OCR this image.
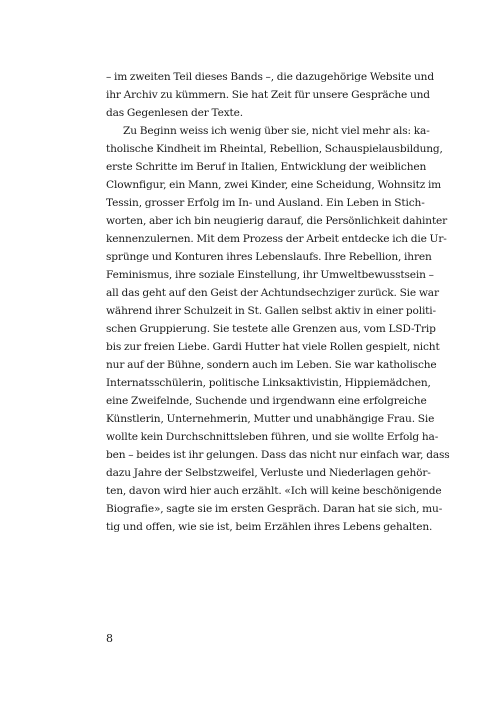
– im zweiten Teil dieses Bands –, die dazugehörige Website und
ihr Archiv zu kümmern. Sie hat Zeit für unsere Gespräche und
das Gegenlesen der Texte.
Zu Beginn weiss ich wenig über sie, nicht viel mehr als: ka-
tholische Kindheit im Rheintal, Rebellion, Schauspielausbildung,
erste Schritte im Beruf in Italien, Entwicklung der weiblichen
Clownfigur, ein Mann, zwei Kinder, eine Scheidung, Wohnsitz im
Tessin, grosser Erfolg im In- und Ausland. Ein Leben in Stich-
worten, aber ich bin neugierig darauf, die Persönlichkeit dahinter
kennenzulernen. Mit dem Prozess der Arbeit entdecke ich die Ur-
sprünge und Konturen ihres Lebenslaufs. Ihre Rebellion, ihren
Feminismus, ihre soziale Einstellung, ihr Umweltbewusstsein –
all das geht auf den Geist der Achtundsechziger zurück. Sie war
während ihrer Schulzeit in St. Gallen selbst aktiv in einer politi-
schen Gruppierung. Sie testete alle Grenzen aus, vom LSD-Trip
bis zur freien Liebe. Gardi Hutter hat viele Rollen gespielt, nicht
nur auf der Bühne, sondern auch im Leben. Sie war katholische
Internatsschülerin, politische Linksaktivistin, Hippiemädchen,
eine Zweifelnde, Suchende und irgendwann eine erfolgreiche
Künstlerin, Unternehmerin, Mutter und unabhängige Frau. Sie
wollte kein Durchschnittsleben führen, und sie wollte Erfolg ha-
ben – beides ist ihr gelungen. Dass das nicht nur einfach war, dass
dazu Jahre der Selbstzweifel, Verluste und Niederlagen gehör-
ten, davon wird hier auch erzählt. «Ich will keine beschönigende
Biografie», sagte sie im ersten Gespräch. Daran hat sie sich, mu-
tig und offen, wie sie ist, beim Erzählen ihres Lebens gehalten.
8
